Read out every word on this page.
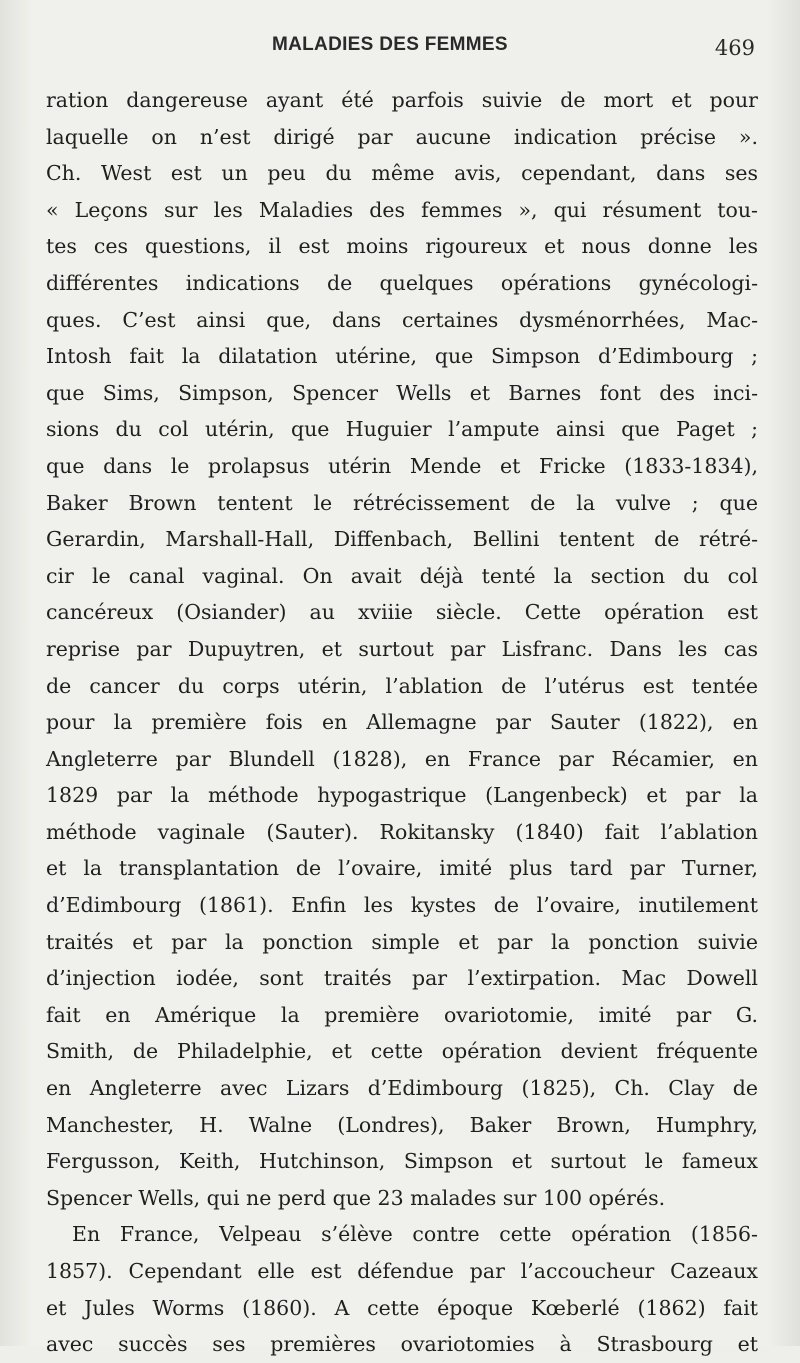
MALADIES DES FEMMES	469
ration dangereuse ayant été parfois suivie de mort et pour
laquelle on n’est dirigé par aucune indication précise ».
Ch. West est un peu du même avis, cependant, dans ses
« Leçons sur les Maladies des femmes », qui résument tou-
tes ces questions, il est moins rigoureux et nous donne les
différentes indications de quelques opérations gynécologi-
ques. C’est ainsi que, dans certaines dysménorrhées, Mac-
Intosh fait la dilatation utérine, que Simpson d’Edimbourg ;
que Sims, Simpson, Spencer Wells et Barnes font des inci-
sions du col utérin, que Huguier l’ampute ainsi que Paget ;
que dans le prolapsus utérin Mende et Fricke (1833-1834),
Baker Brown tentent le rétrécissement de la vulve ; que
Gerardin, Marshall-Hall, Diffenbach, Bellini tentent de rétré-
cir le canal vaginal. On avait déjà tenté la section du col
cancéreux (Osiander) au xviiie siècle. Cette opération est
reprise par Dupuytren, et surtout par Lisfranc. Dans les cas
de cancer du corps utérin, l’ablation de l’utérus est tentée
pour la première fois en Allemagne par Sauter (1822), en
Angleterre par Blundell (1828), en France par Récamier, en
1829 par la méthode hypogastrique (Langenbeck) et par la
méthode vaginale (Sauter). Rokitansky (1840) fait l’ablation
et la transplantation de l’ovaire, imité plus tard par Turner,
d’Edimbourg (1861). Enfin les kystes de l’ovaire, inutilement
traités et par la ponction simple et par la ponction suivie
d’injection iodée, sont traités par l’extirpation. Mac Dowell
fait en Amérique la première ovariotomie, imité par G.
Smith, de Philadelphie, et cette opération devient fréquente
en Angleterre avec Lizars d’Edimbourg (1825), Ch. Clay de
Manchester, H. Walne (Londres), Baker Brown, Humphry,
Fergusson, Keith, Hutchinson, Simpson et surtout le fameux
Spencer Wells, qui ne perd que 23 malades sur 100 opérés.
En France, Velpeau s’élève contre cette opération (1856-
1857). Cependant elle est défendue par l’accoucheur Cazeaux
et Jules Worms (1860). A cette époque Kœberlé (1862) fait
avec succès ses premières ovariotomies à Strasbourg et
